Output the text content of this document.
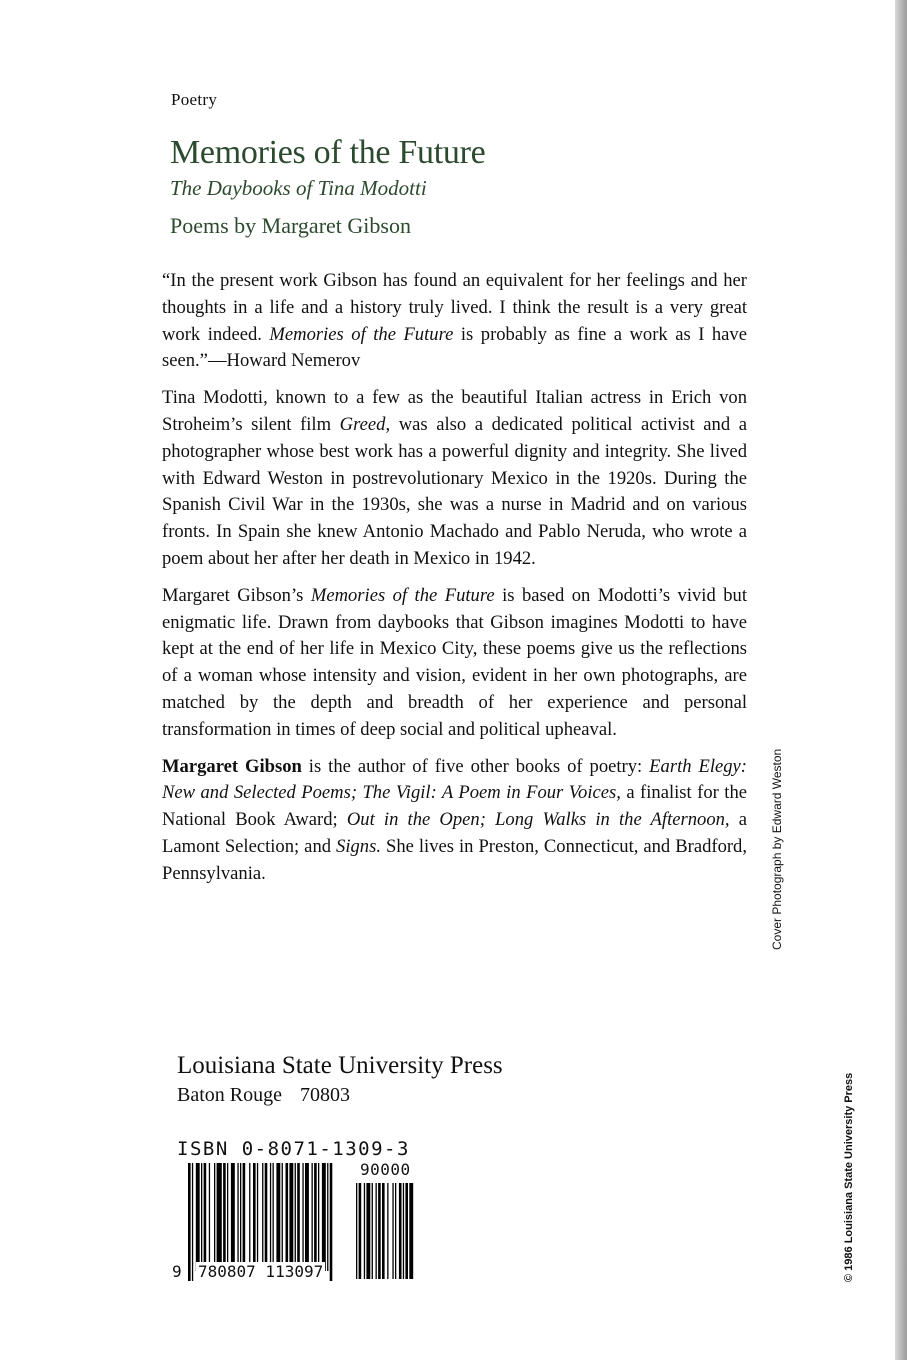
Poetry
Memories of the Future
The Daybooks of Tina Modotti
Poems by Margaret Gibson

“In the present work Gibson has found an equivalent for her feelings and her thoughts in a life and a history truly lived. I think the result is a very great work indeed. Memories of the Future is probably as fine a work as I have seen.”—Howard Nemerov

Tina Modotti, known to a few as the beautiful Italian actress in Erich von Stroheim’s silent film Greed, was also a dedicated political activist and a photographer whose best work has a powerful dignity and integrity. She lived with Edward Weston in postrevolutionary Mexico in the 1920s. During the Spanish Civil War in the 1930s, she was a nurse in Madrid and on various fronts. In Spain she knew Antonio Machado and Pablo Neruda, who wrote a poem about her after her death in Mexico in 1942.

Margaret Gibson’s Memories of the Future is based on Modotti’s vivid but enigmatic life. Drawn from daybooks that Gibson imagines Modotti to have kept at the end of her life in Mexico City, these poems give us the reflections of a woman whose intensity and vision, evident in her own photographs, are matched by the depth and breadth of her experience and personal transformation in times of deep social and political upheaval.

Margaret Gibson is the author of five other books of poetry: Earth Elegy: New and Selected Poems; The Vigil: A Poem in Four Voices, a finalist for the National Book Award; Out in the Open; Long Walks in the Afternoon, a Lamont Selection; and Signs. She lives in Preston, Connecticut, and Bradford, Pennsylvania.	Cover Photograph by Edward Weston
© 1986 Louisiana State University Press
Louisiana State University Press
Baton Rouge 70803
ISBN 0-8071-1309-3
9 780807 113097
90000
